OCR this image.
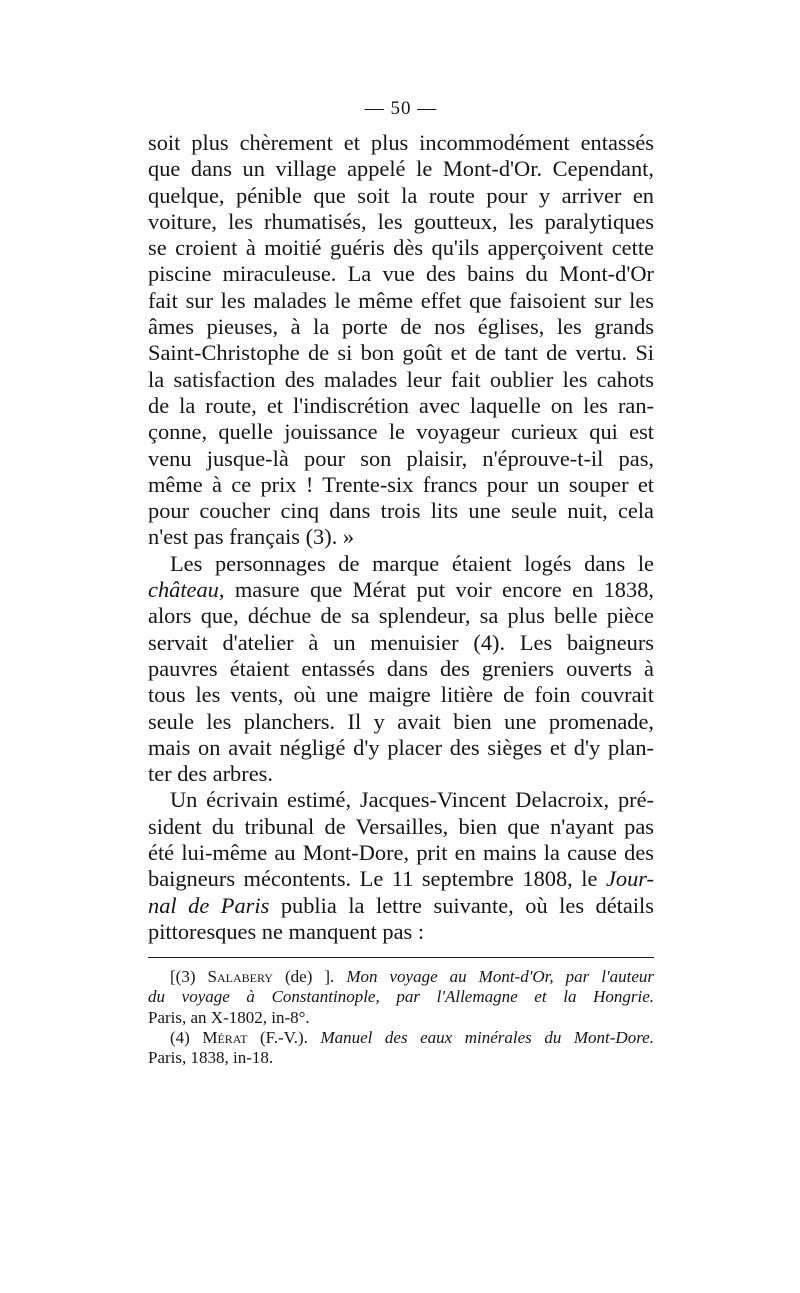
— 50 —

soit plus chèrement et plus incommodément entassés

que dans un village appelé le Mont-d'Or. Cependant,

quelque, pénible que soit la route pour y arriver en

voiture, les rhumatisés, les goutteux, les paralytiques

se croient à moitié guéris dès qu'ils apperçoivent cette

piscine miraculeuse. La vue des bains du Mont-d'Or

fait sur les malades le même effet que faisoient sur les

âmes pieuses, à la porte de nos églises, les grands

Saint-Christophe de si bon goût et de tant de vertu. Si

la satisfaction des malades leur fait oublier les cahots

de la route, et l'indiscrétion avec laquelle on les ran-

çonne, quelle jouissance le voyageur curieux qui est

venu jusque-là pour son plaisir, n'éprouve-t-il pas,

même à ce prix ! Trente-six francs pour un souper et

pour coucher cinq dans trois lits une seule nuit, cela

n'est pas français (3). »

Les personnages de marque étaient logés dans le

château, masure que Mérat put voir encore en 1838,

alors que, déchue de sa splendeur, sa plus belle pièce

servait d'atelier à un menuisier (4). Les baigneurs

pauvres étaient entassés dans des greniers ouverts à

tous les vents, où une maigre litière de foin couvrait

seule les planchers. Il y avait bien une promenade,

mais on avait négligé d'y placer des sièges et d'y plan-

ter des arbres.

Un écrivain estimé, Jacques-Vincent Delacroix, pré-

sident du tribunal de Versailles, bien que n'ayant pas

été lui-même au Mont-Dore, prit en mains la cause des

baigneurs mécontents. Le 11 septembre 1808, le Jour-

nal de Paris publia la lettre suivante, où les détails

pittoresques ne manquent pas :

[(3) Salabery (de) ]. Mon voyage au Mont-d'Or, par l'auteur

du voyage à Constantinople, par l'Allemagne et la Hongrie.

Paris, an X-1802, in-8°.

(4) Mérat (F.-V.). Manuel des eaux minérales du Mont-Dore.

Paris, 1838, in-18.
